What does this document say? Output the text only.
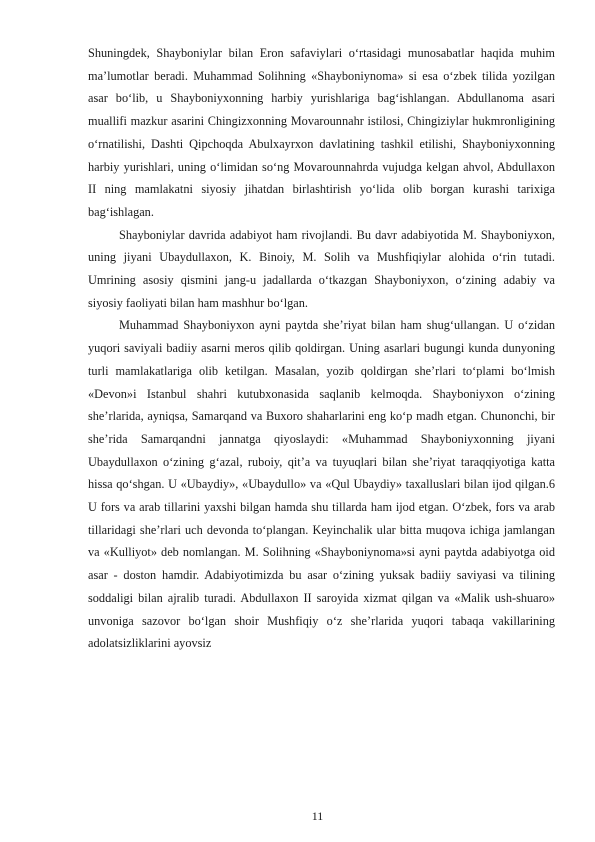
Shuningdek, Shayboniylar bilan Eron safaviylari o‘rtasidagi munosabatlar haqida muhim ma’lumotlar beradi. Muhammad Solihning «Shayboniynoma» si esa o‘zbek tilida yozilgan asar bo‘lib, u Shayboniyxonning harbiy yurishlariga bag‘ishlangan. Abdullanoma asari muallifi mazkur asarini Chingizxonning Movarounnahr istilosi, Chingiziylar hukmronligining o‘rnatilishi, Dashti Qipchoqda Abulxayrxon davlatining tashkil etilishi, Shayboniyxonning harbiy yurishlari, uning o‘limidan so‘ng Movarounnahrda vujudga kelgan ahvol, Abdullaxon II ning mamlakatni siyosiy jihatdan birlashtirish yo‘lida olib borgan kurashi tarixiga bag‘ishlagan.

Shayboniylar davrida adabiyot ham rivojlandi. Bu davr adabiyotida M. Shayboniyxon, uning jiyani Ubaydullaxon, K. Binoiy, M. Solih va Mushfiqiylar alohida o‘rin tutadi. Umrining asosiy qismini jang-u jadallarda o‘tkazgan Shayboniyxon, o‘zining adabiy va siyosiy faoliyati bilan ham mashhur bo‘lgan.

Muhammad Shayboniyxon ayni paytda she’riyat bilan ham shug‘ullangan. U o‘zidan yuqori saviyali badiiy asarni meros qilib qoldirgan. Uning asarlari bugungi kunda dunyoning turli mamlakatlariga olib ketilgan. Masalan, yozib qoldirgan she’rlari to‘plami bo‘lmish «Devon»i Istanbul shahri kutubxonasida saqlanib kelmoqda. Shayboniyxon o‘zining she’rlarida, ayniqsa, Samarqand va Buxoro shaharlarini eng ko‘p madh etgan. Chunonchi, bir she’rida Samarqandni jannatga qiyoslaydi: «Muhammad Shayboniyxonning jiyani Ubaydullaxon o‘zining g‘azal, ruboiy, qit’a va tuyuqlari bilan she’riyat taraqqiyotiga katta hissa qo‘shgan. U «Ubaydiy», «Ubaydullo» va «Qul Ubaydiy» taxalluslari bilan ijod qilgan.6 U fors va arab tillarini yaxshi bilgan hamda shu tillarda ham ijod etgan. O‘zbek, fors va arab tillaridagi she’rlari uch devonda to‘plangan. Keyinchalik ular bitta muqova ichiga jamlangan va «Kulliyot» deb nomlangan. M. Solihning «Shayboniynoma»si ayni paytda adabiyotga oid asar - doston hamdir. Adabiyotimizda bu asar o‘zining yuksak badiiy saviyasi va tilining soddaligi bilan ajralib turadi. Abdullaxon II saroyida xizmat qilgan va «Malik ush-shuaro» unvoniga sazovor bo‘lgan shoir Mushfiqiy o‘z she’rlarida yuqori tabaqa vakillarining adolatsizliklarini ayovsiz

11
